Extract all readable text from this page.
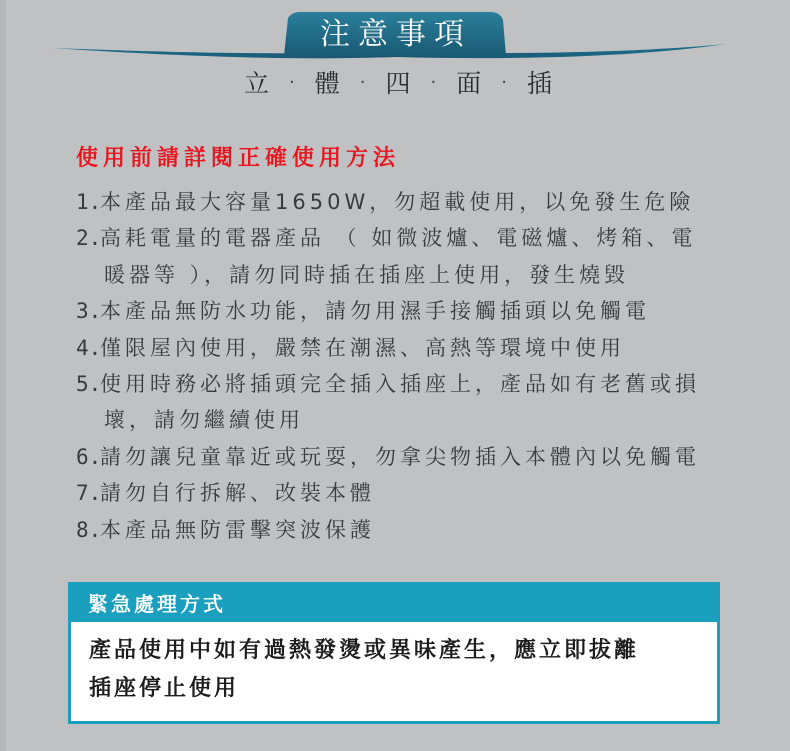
注意事項
立 · 體 · 四 · 面 · 插
使用前請詳閱正確使用方法
1.
本產品最大容量1650W，勿超載使用，以免發生危險
2.
高耗電量的電器產品 （ 如微波爐、電磁爐、烤箱、電
暖器等 ），請勿同時插在插座上使用，發生燒毀
3.
本產品無防水功能，請勿用濕手接觸插頭以免觸電
4.
僅限屋內使用，嚴禁在潮濕、高熱等環境中使用
5.
使用時務必將插頭完全插入插座上，產品如有老舊或損
壞，請勿繼續使用
6.
請勿讓兒童靠近或玩耍，勿拿尖物插入本體內以免觸電
7.
請勿自行拆解、改裝本體
8.
本產品無防雷擊突波保護
緊急處理方式
產品使用中如有過熱發燙或異味產生，應立即拔離
插座停止使用
